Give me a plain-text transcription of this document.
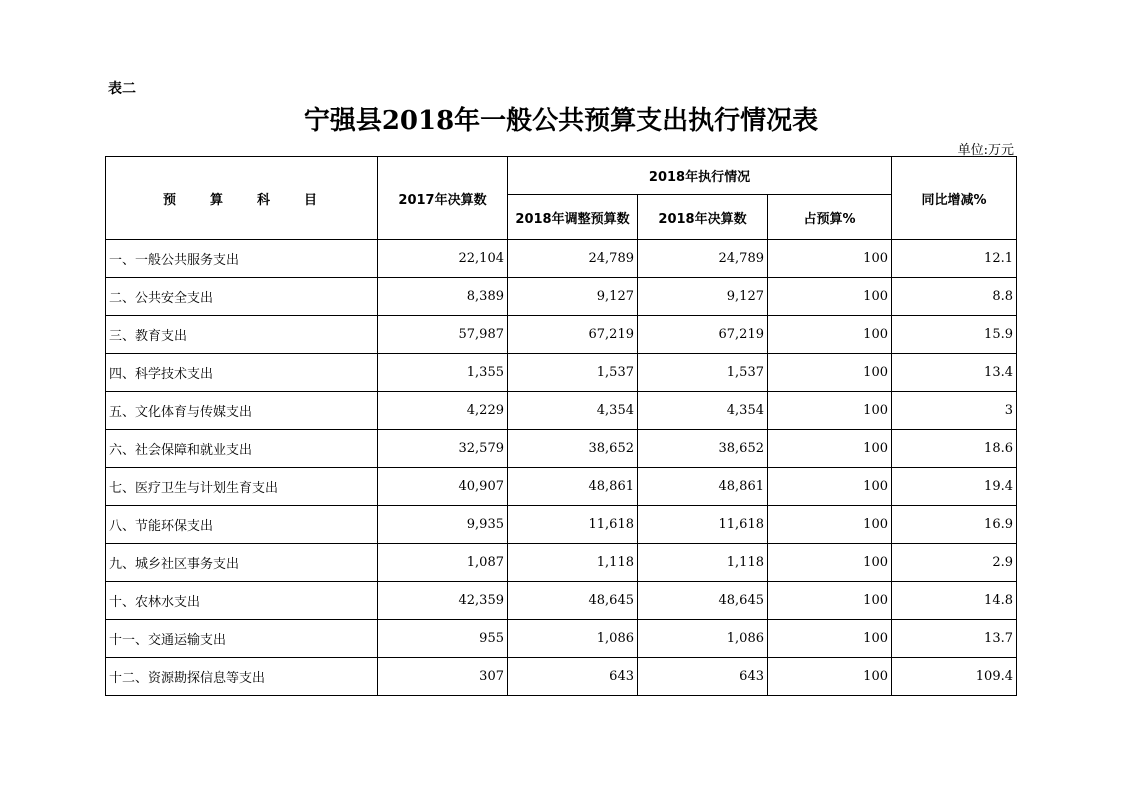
表二
宁强县2018年一般公共预算支出执行情况表
单位:万元
预算科目	2017年决算数	2018年执行情况			同比增减%
		2018年调整预算数	2018年决算数	占预算%	
一、一般公共服务支出	22,104	24,789	24,789	100	12.1
二、公共安全支出	8,389	9,127	9,127	100	8.8
三、教育支出	57,987	67,219	67,219	100	15.9
四、科学技术支出	1,355	1,537	1,537	100	13.4
五、文化体育与传媒支出	4,229	4,354	4,354	100	3
六、社会保障和就业支出	32,579	38,652	38,652	100	18.6
七、医疗卫生与计划生育支出	40,907	48,861	48,861	100	19.4
八、节能环保支出	9,935	11,618	11,618	100	16.9
九、城乡社区事务支出	1,087	1,118	1,118	100	2.9
十、农林水支出	42,359	48,645	48,645	100	14.8
十一、交通运输支出	955	1,086	1,086	100	13.7
十二、资源勘探信息等支出	307	643	643	100	109.4
